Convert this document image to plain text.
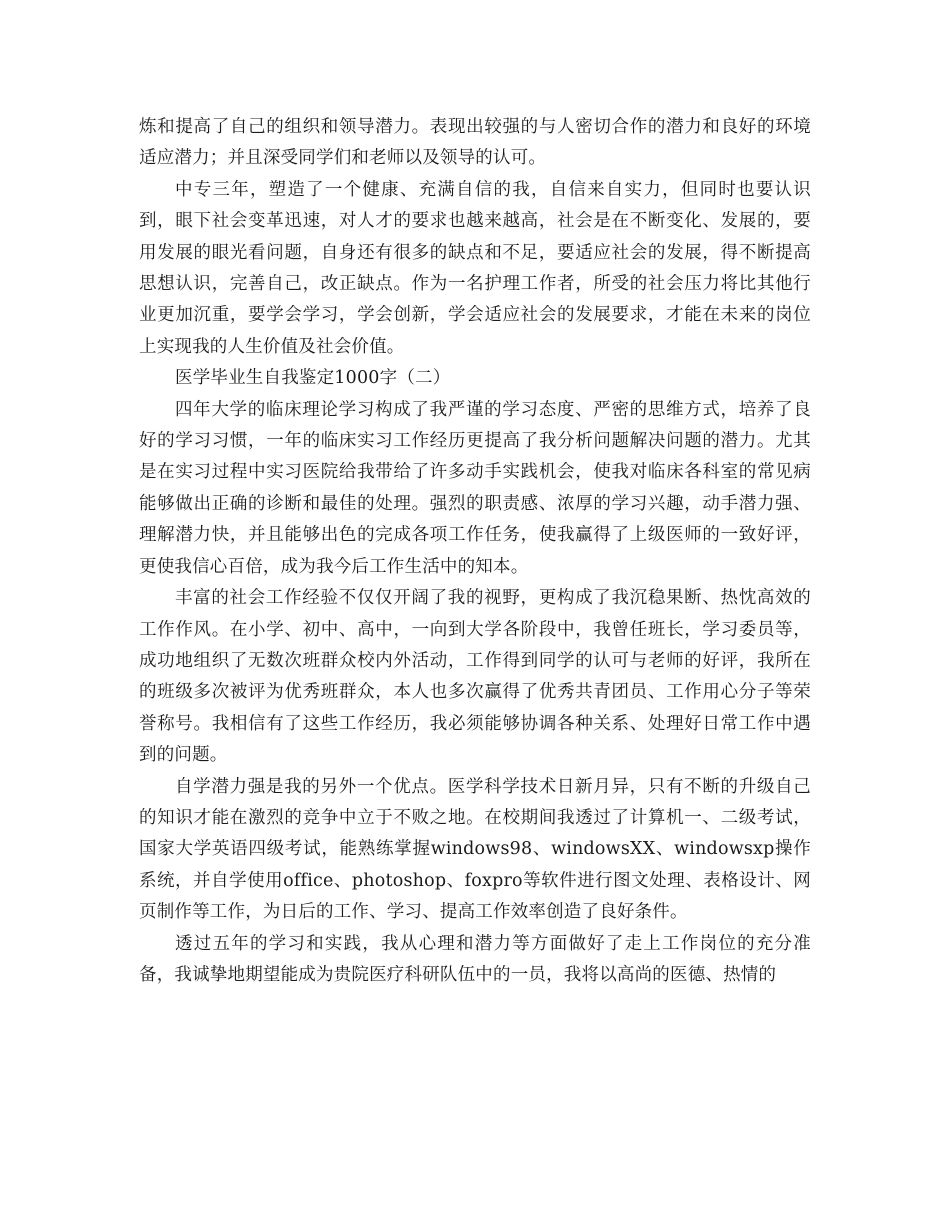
炼和提高了自己的组织和领导潜力。表现出较强的与人密切合作的潜力和良好的环境适应潜力；并且深受同学们和老师以及领导的认可。

中专三年，塑造了一个健康、充满自信的我，自信来自实力，但同时也要认识到，眼下社会变革迅速，对人才的要求也越来越高，社会是在不断变化、发展的，要用发展的眼光看问题，自身还有很多的缺点和不足，要适应社会的发展，得不断提高思想认识，完善自己，改正缺点。作为一名护理工作者，所受的社会压力将比其他行业更加沉重，要学会学习，学会创新，学会适应社会的发展要求，才能在未来的岗位上实现我的人生价值及社会价值。

医学毕业生自我鉴定1000字（二）

四年大学的临床理论学习构成了我严谨的学习态度、严密的思维方式，培养了良好的学习习惯，一年的临床实习工作经历更提高了我分析问题解决问题的潜力。尤其是在实习过程中实习医院给我带给了许多动手实践机会，使我对临床各科室的常见病能够做出正确的诊断和最佳的处理。强烈的职责感、浓厚的学习兴趣，动手潜力强、理解潜力快，并且能够出色的完成各项工作任务，使我赢得了上级医师的一致好评，更使我信心百倍，成为我今后工作生活中的知本。

丰富的社会工作经验不仅仅开阔了我的视野，更构成了我沉稳果断、热忱高效的工作作风。在小学、初中、高中，一向到大学各阶段中，我曾任班长，学习委员等，成功地组织了无数次班群众校内外活动，工作得到同学的认可与老师的好评，我所在的班级多次被评为优秀班群众，本人也多次赢得了优秀共青团员、工作用心分子等荣誉称号。我相信有了这些工作经历，我必须能够协调各种关系、处理好日常工作中遇到的问题。

自学潜力强是我的另外一个优点。医学科学技术日新月异，只有不断的升级自己的知识才能在激烈的竞争中立于不败之地。在校期间我透过了计算机一、二级考试，国家大学英语四级考试，能熟练掌握windows98、windowsXX、windowsxp操作系统，并自学使用office、photoshop、foxpro等软件进行图文处理、表格设计、网页制作等工作，为日后的工作、学习、提高工作效率创造了良好条件。

透过五年的学习和实践，我从心理和潜力等方面做好了走上工作岗位的充分准备，我诚挚地期望能成为贵院医疗科研队伍中的一员，我将以高尚的医德、热情的
